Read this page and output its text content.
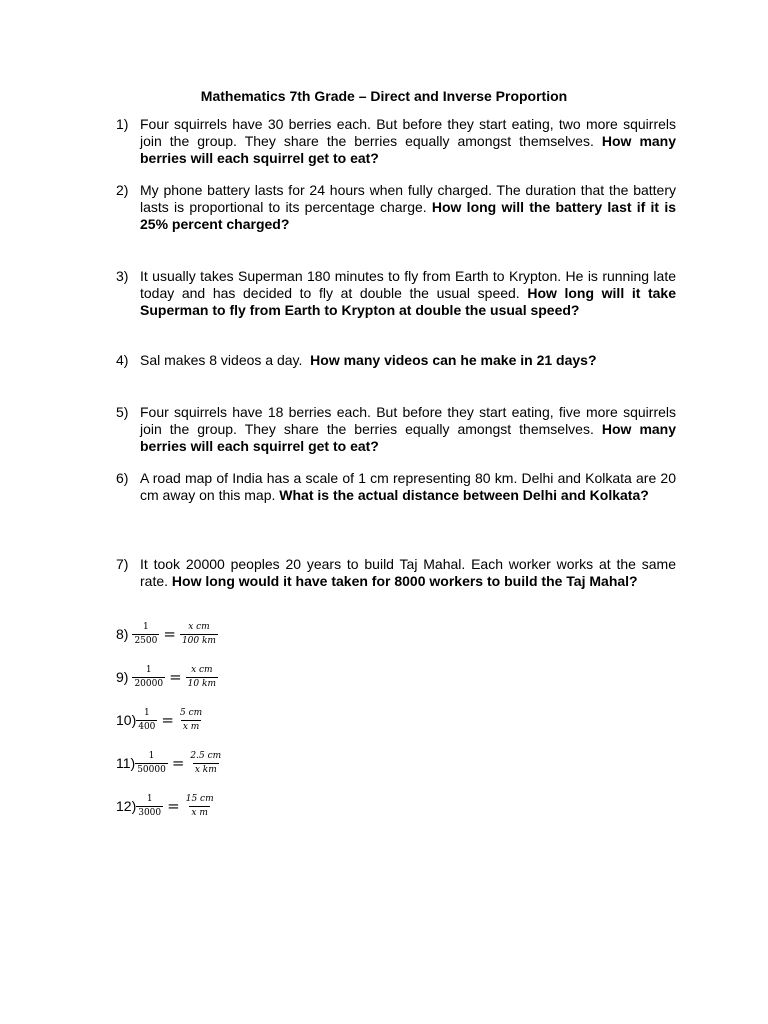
Mathematics 7th Grade – Direct and Inverse Proportion
1) Four squirrels have 30 berries each. But before they start eating, two more squirrels join the group. They share the berries equally amongst themselves. How many berries will each squirrel get to eat?
2) My phone battery lasts for 24 hours when fully charged. The duration that the battery lasts is proportional to its percentage charge. How long will the battery last if it is 25% percent charged?
3) It usually takes Superman 180 minutes to fly from Earth to Krypton. He is running late today and has decided to fly at double the usual speed. How long will it take Superman to fly from Earth to Krypton at double the usual speed?
4) Sal makes 8 videos a day. How many videos can he make in 21 days?
5) Four squirrels have 18 berries each. But before they start eating, five more squirrels join the group. They share the berries equally amongst themselves. How many berries will each squirrel get to eat?
6) A road map of India has a scale of 1 cm representing 80 km. Delhi and Kolkata are 20 cm away on this map. What is the actual distance between Delhi and Kolkata?
7) It took 20000 peoples 20 years to build Taj Mahal. Each worker works at the same rate. How long would it have taken for 8000 workers to build the Taj Mahal?
$8) \frac{1}{2500} = \frac{\text{x cm}}{100 km}$
$9) \frac{1}{20000} = \frac{\text{x cm}}{10 km}$
$10) \frac{1}{400} = \frac{5 cm}{\text{x m}}$
$11) \frac{1}{50000} = \frac{2.5 cm}{\text{x km}}$
$12) \frac{1}{3000} = \frac{15 cm}{\text{x m}}$
